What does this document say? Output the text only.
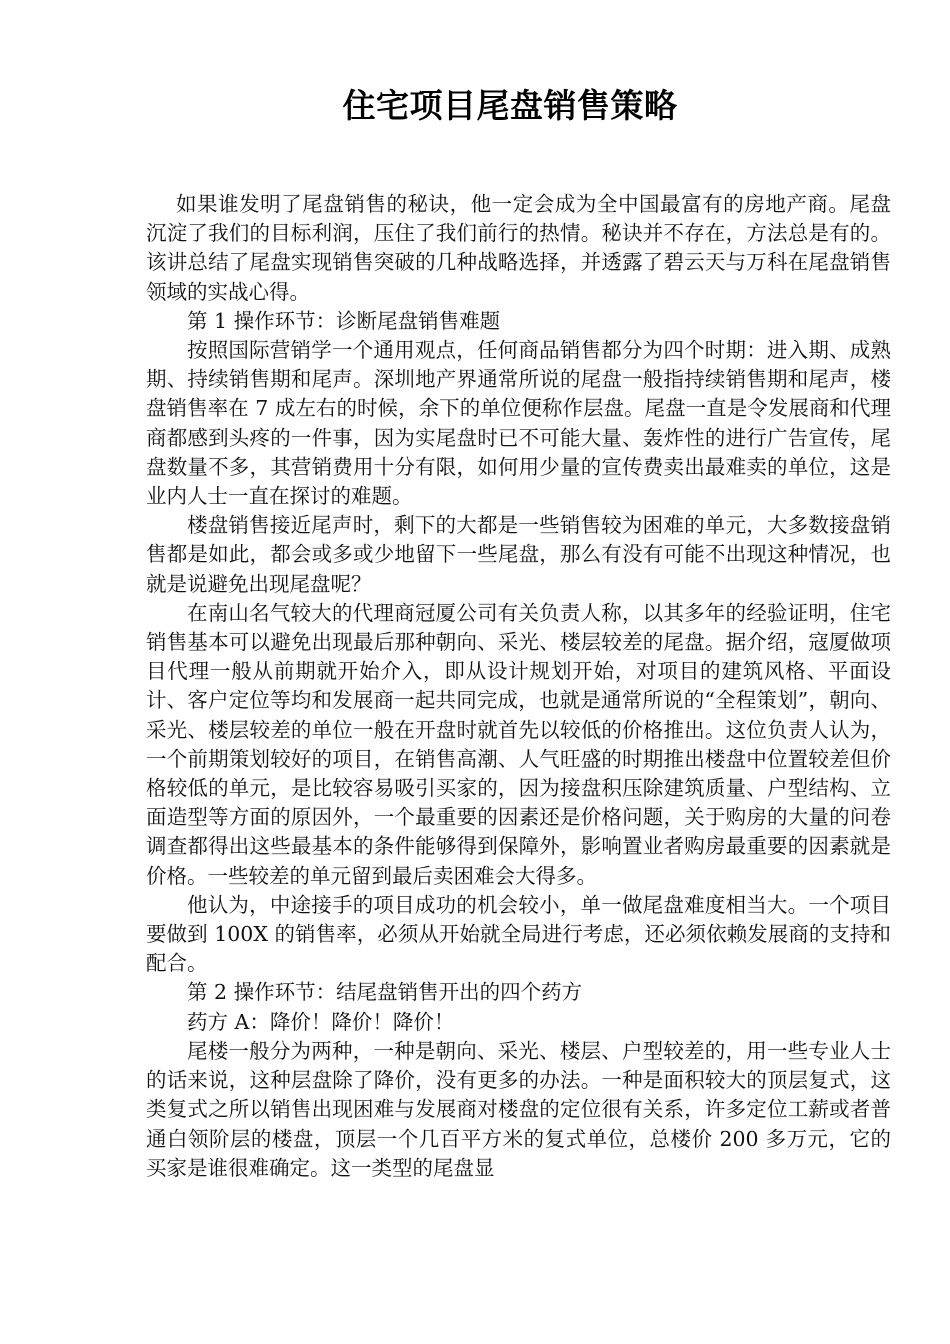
住宅项目尾盘销售策略

如果谁发明了尾盘销售的秘诀，他一定会成为全中国最富有的房地产商。尾盘沉淀了我们的目标利润，压住了我们前行的热情。秘诀并不存在，方法总是有的。该讲总结了尾盘实现销售突破的几种战略选择，并透露了碧云天与万科在尾盘销售领域的实战心得。

第 1 操作环节：诊断尾盘销售难题

按照国际营销学一个通用观点，任何商品销售都分为四个时期：进入期、成熟期、持续销售期和尾声。深圳地产界通常所说的尾盘一般指持续销售期和尾声，楼盘销售率在 7 成左右的时候，余下的单位便称作层盘。尾盘一直是令发展商和代理商都感到头疼的一件事，因为实尾盘时已不可能大量、轰炸性的进行广告宣传，尾盘数量不多，其营销费用十分有限，如何用少量的宣传费卖出最难卖的单位，这是业内人士一直在探讨的难题。

楼盘销售接近尾声时，剩下的大都是一些销售较为困难的单元，大多数接盘销售都是如此，都会或多或少地留下一些尾盘，那么有没有可能不出现这种情况，也就是说避免出现尾盘呢？

在南山名气较大的代理商冠厦公司有关负责人称，以其多年的经验证明，住宅销售基本可以避免出现最后那种朝向、采光、楼层较差的尾盘。据介绍，寇厦做项目代理一般从前期就开始介入，即从设计规划开始，对项目的建筑风格、平面设计、客户定位等均和发展商一起共同完成，也就是通常所说的“全程策划”，朝向、采光、楼层较差的单位一般在开盘时就首先以较低的价格推出。这位负责人认为，一个前期策划较好的项目，在销售高潮、人气旺盛的时期推出楼盘中位置较差但价格较低的单元，是比较容易吸引买家的，因为接盘积压除建筑质量、户型结构、立面造型等方面的原因外，一个最重要的因素还是价格问题，关于购房的大量的问卷调查都得出这些最基本的条件能够得到保障外，影响置业者购房最重要的因素就是价格。一些较差的单元留到最后卖困难会大得多。

他认为，中途接手的项目成功的机会较小，单一做尾盘难度相当大。一个项目要做到 100X 的销售率，必须从开始就全局进行考虑，还必须依赖发展商的支持和配合。

第 2 操作环节：结尾盘销售开出的四个药方

药方 A：降价！降价！降价！

尾楼一般分为两种，一种是朝向、采光、楼层、户型较差的，用一些专业人士的话来说，这种层盘除了降价，没有更多的办法。一种是面积较大的顶层复式，这类复式之所以销售出现困难与发展商对楼盘的定位很有关系，许多定位工薪或者普通白领阶层的楼盘，顶层一个几百平方米的复式单位，总楼价 200 多万元，它的买家是谁很难确定。这一类型的尾盘显
